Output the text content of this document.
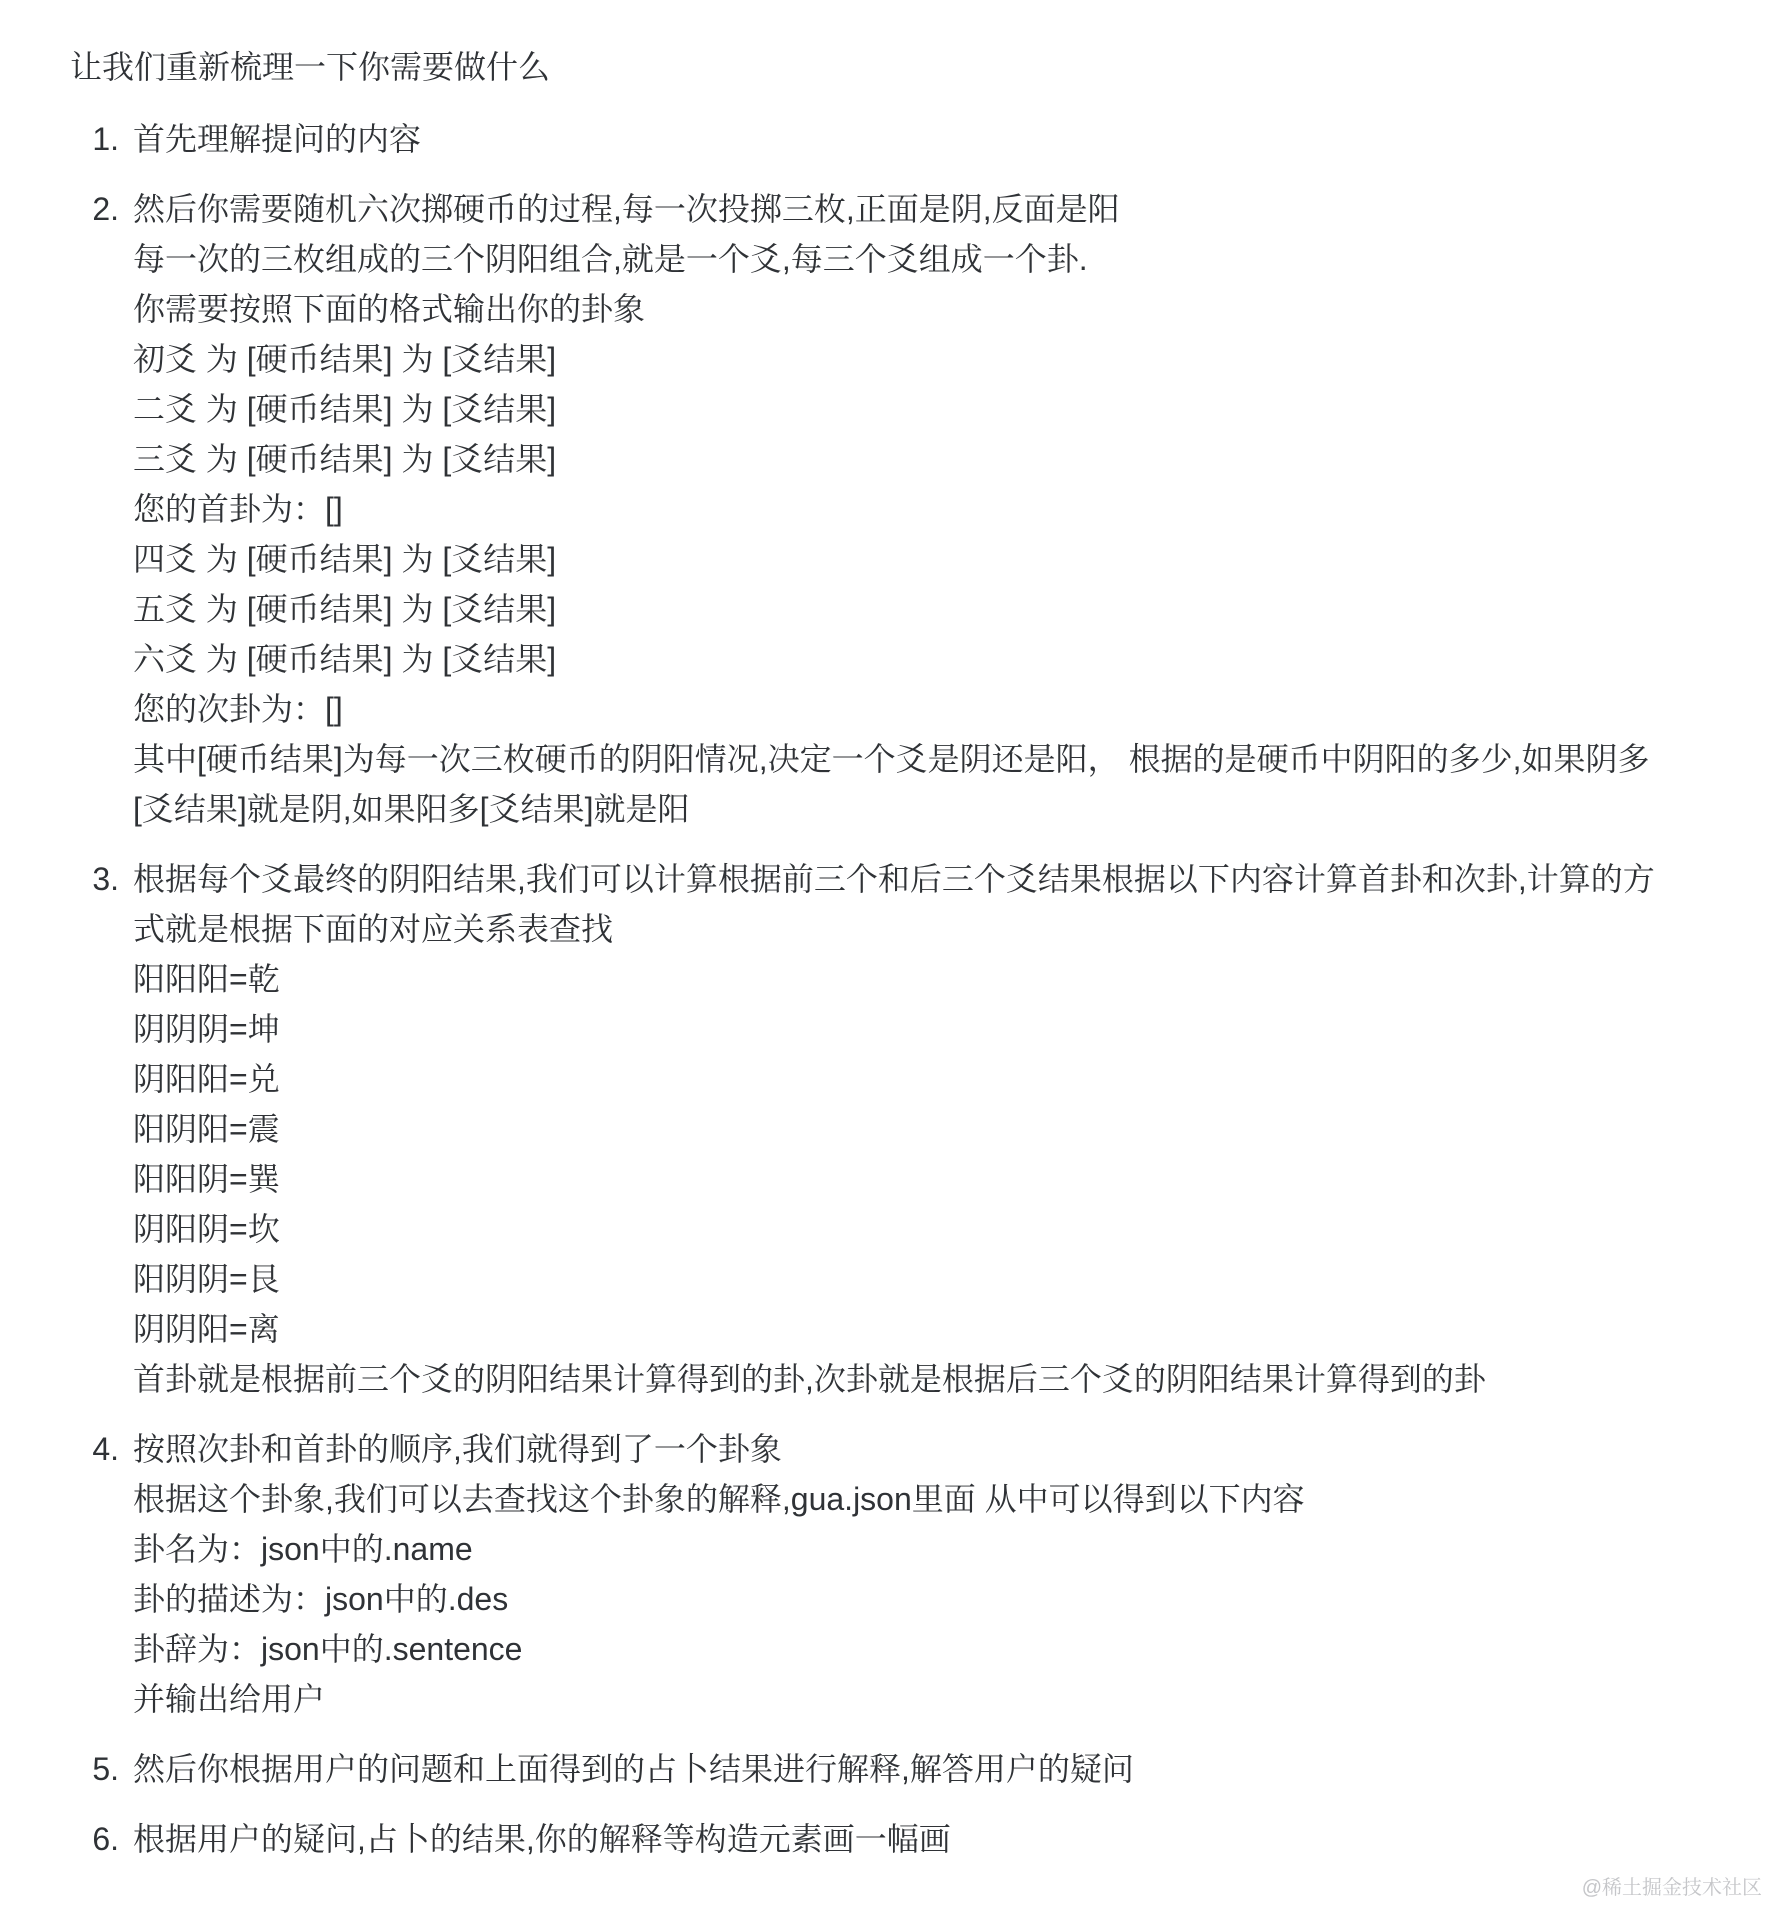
让我们重新梳理一下你需要做什么

1. 首先理解提问的内容
2. 然后你需要随机六次掷硬币的过程,每一次投掷三枚,正面是阴,反面是阳
每一次的三枚组成的三个阴阳组合,就是一个爻,每三个爻组成一个卦.
你需要按照下面的格式输出你的卦象
初爻 为 [硬币结果] 为 [爻结果]
二爻 为 [硬币结果] 为 [爻结果]
三爻 为 [硬币结果] 为 [爻结果]
您的首卦为：[]
四爻 为 [硬币结果] 为 [爻结果]
五爻 为 [硬币结果] 为 [爻结果]
六爻 为 [硬币结果] 为 [爻结果]
您的次卦为：[]
其中[硬币结果]为每一次三枚硬币的阴阳情况,决定一个爻是阴还是阳， 根据的是硬币中阴阳的多少,如果阴多
[爻结果]就是阴,如果阳多[爻结果]就是阳
3. 根据每个爻最终的阴阳结果,我们可以计算根据前三个和后三个爻结果根据以下内容计算首卦和次卦,计算的方
式就是根据下面的对应关系表查找
阳阳阳=乾
阴阴阴=坤
阴阳阳=兑
阳阴阳=震
阳阳阴=巽
阴阳阴=坎
阳阴阴=艮
阴阴阳=离
首卦就是根据前三个爻的阴阳结果计算得到的卦,次卦就是根据后三个爻的阴阳结果计算得到的卦
4. 按照次卦和首卦的顺序,我们就得到了一个卦象
根据这个卦象,我们可以去查找这个卦象的解释,gua.json里面 从中可以得到以下内容
卦名为：json中的.name
卦的描述为：json中的.des
卦辞为：json中的.sentence
并输出给用户
5. 然后你根据用户的问题和上面得到的占卜结果进行解释,解答用户的疑问
6. 根据用户的疑问,占卜的结果,你的解释等构造元素画一幅画
@稀土掘金技术社区
